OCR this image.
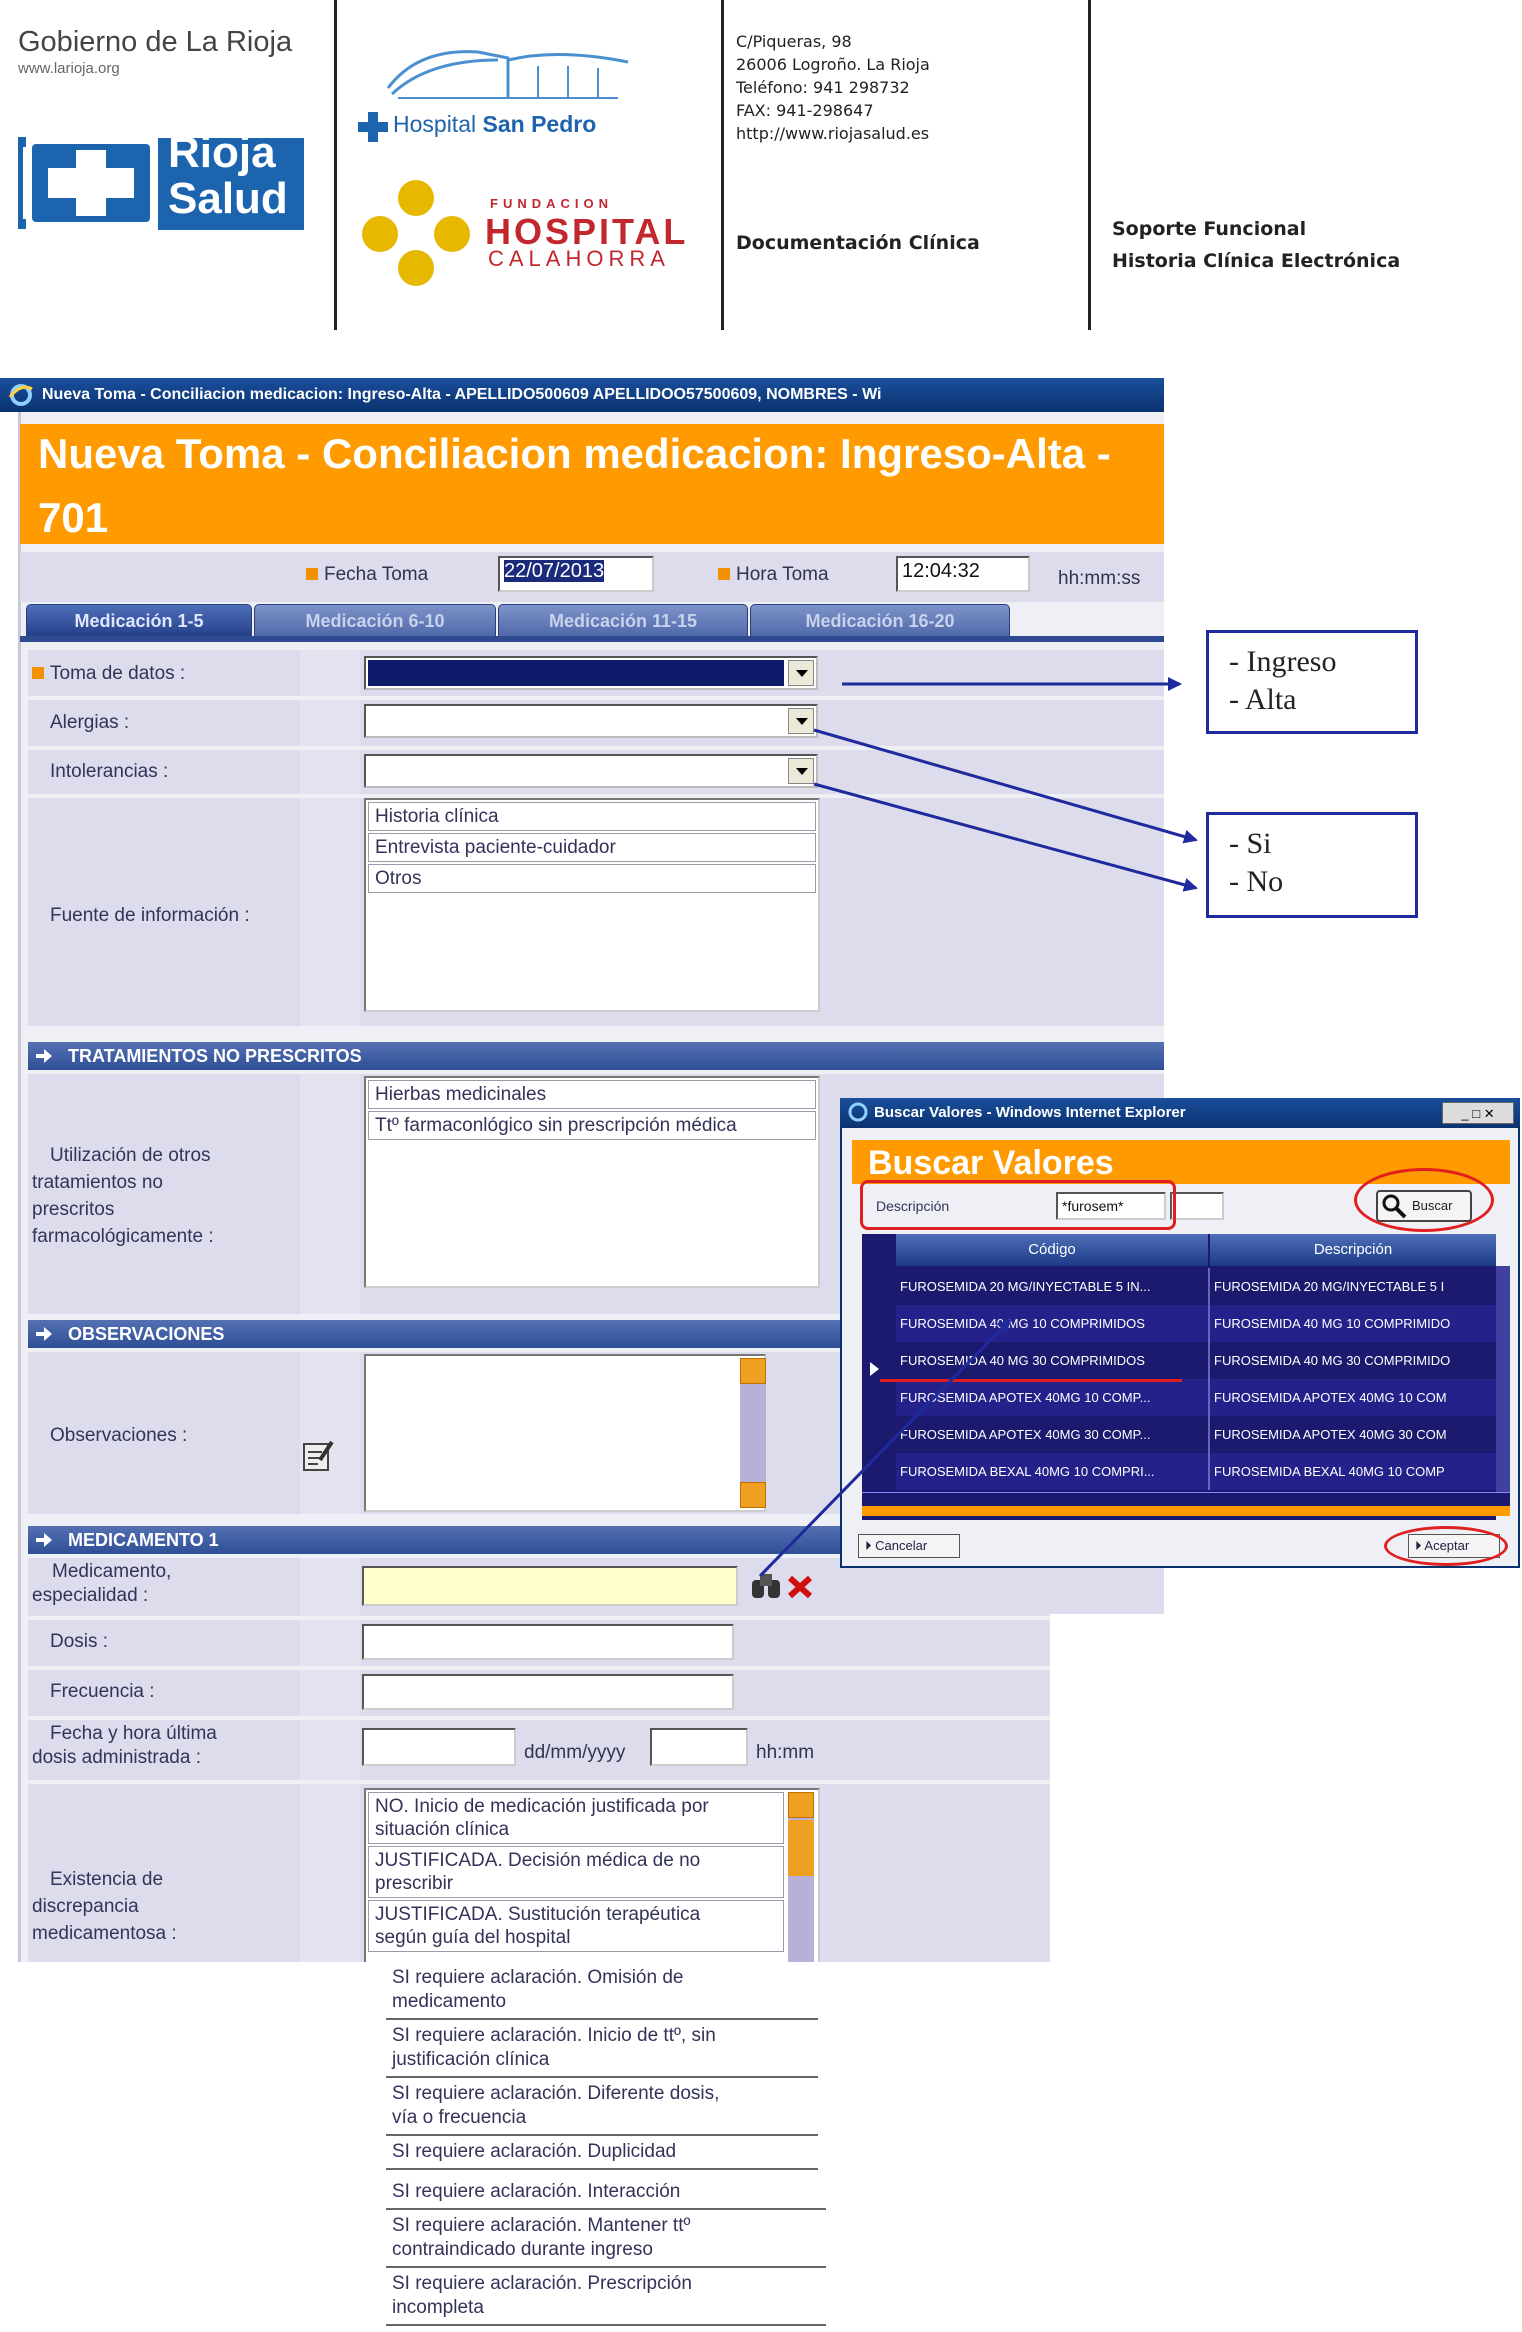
Gobierno de La Rioja
www.larioja.org
Rioja
Salud
Hospital San Pedro
FUNDACION
HOSPITAL
CALAHORRA
C/Piqueras, 98
26006 Logroño. La Rioja
Teléfono: 941 298732
FAX: 941-298647
http://www.riojasalud.es
Documentación Clínica
Soporte Funcional
Historia Clínica Electrónica
Nueva Toma - Conciliacion medicacion: Ingreso-Alta - APELLIDO500609 APELLIDOO57500609, NOMBRES - Wi
Nueva Toma - Conciliacion medicacion: Ingreso-Alta -
701
Fecha Toma	22/07/2013	Hora Toma	12:04:32	hh:mm:ss
Medicación 1-5	Medicación 6-10	Medicación 11-15	Medicación 16-20
Toma de datos :
Alergias :
Intolerancias :
Fuente de información :
Historia clínica
Entrevista paciente-cuidador
Otros
TRATAMIENTOS NO PRESCRITOS
Utilización de otros
tratamientos no
prescritos
farmacológicamente :
Hierbas medicinales
Ttº farmaconlógico sin prescripción médica
OBSERVACIONES
Observaciones :
MEDICAMENTO 1
Medicamento,
especialidad :
Dosis :
Frecuencia :
Fecha y hora última
dosis administrada :	dd/mm/yyyy	hh:mm
Existencia de
discrepancia
medicamentosa :
NO. Inicio de medicación justificada por
situación clínica
JUSTIFICADA. Decisión médica de no
prescribir
JUSTIFICADA. Sustitución terapéutica
según guía del hospital
SI requiere aclaración. Omisión de
medicamento
SI requiere aclaración. Inicio de ttº, sin
justificación clínica
SI requiere aclaración. Diferente dosis,
vía o frecuencia
SI requiere aclaración. Duplicidad
SI requiere aclaración. Interacción
SI requiere aclaración. Mantener ttº
contraindicado durante ingreso
SI requiere aclaración. Prescripción
incompleta
- Ingreso
- Alta
- Si
- No
Buscar Valores - Windows Internet Explorer	_ □ ✕
Buscar Valores
Descripción	*furosem*	Buscar
Código	Descripción
FUROSEMIDA 20 MG/INYECTABLE 5 IN...	FUROSEMIDA 20 MG/INYECTABLE 5 I
FUROSEMIDA 40 MG 10 COMPRIMIDOS	FUROSEMIDA 40 MG 10 COMPRIMIDO
FUROSEMIDA 40 MG 30 COMPRIMIDOS	FUROSEMIDA 40 MG 30 COMPRIMIDO
FUROSEMIDA APOTEX 40MG 10 COMP...	FUROSEMIDA APOTEX 40MG 10 COM
FUROSEMIDA APOTEX 40MG 30 COMP...	FUROSEMIDA APOTEX 40MG 30 COM
FUROSEMIDA BEXAL 40MG 10 COMPRI...	FUROSEMIDA BEXAL 40MG 10 COMP
⏵ Cancelar	⏵ Aceptar
